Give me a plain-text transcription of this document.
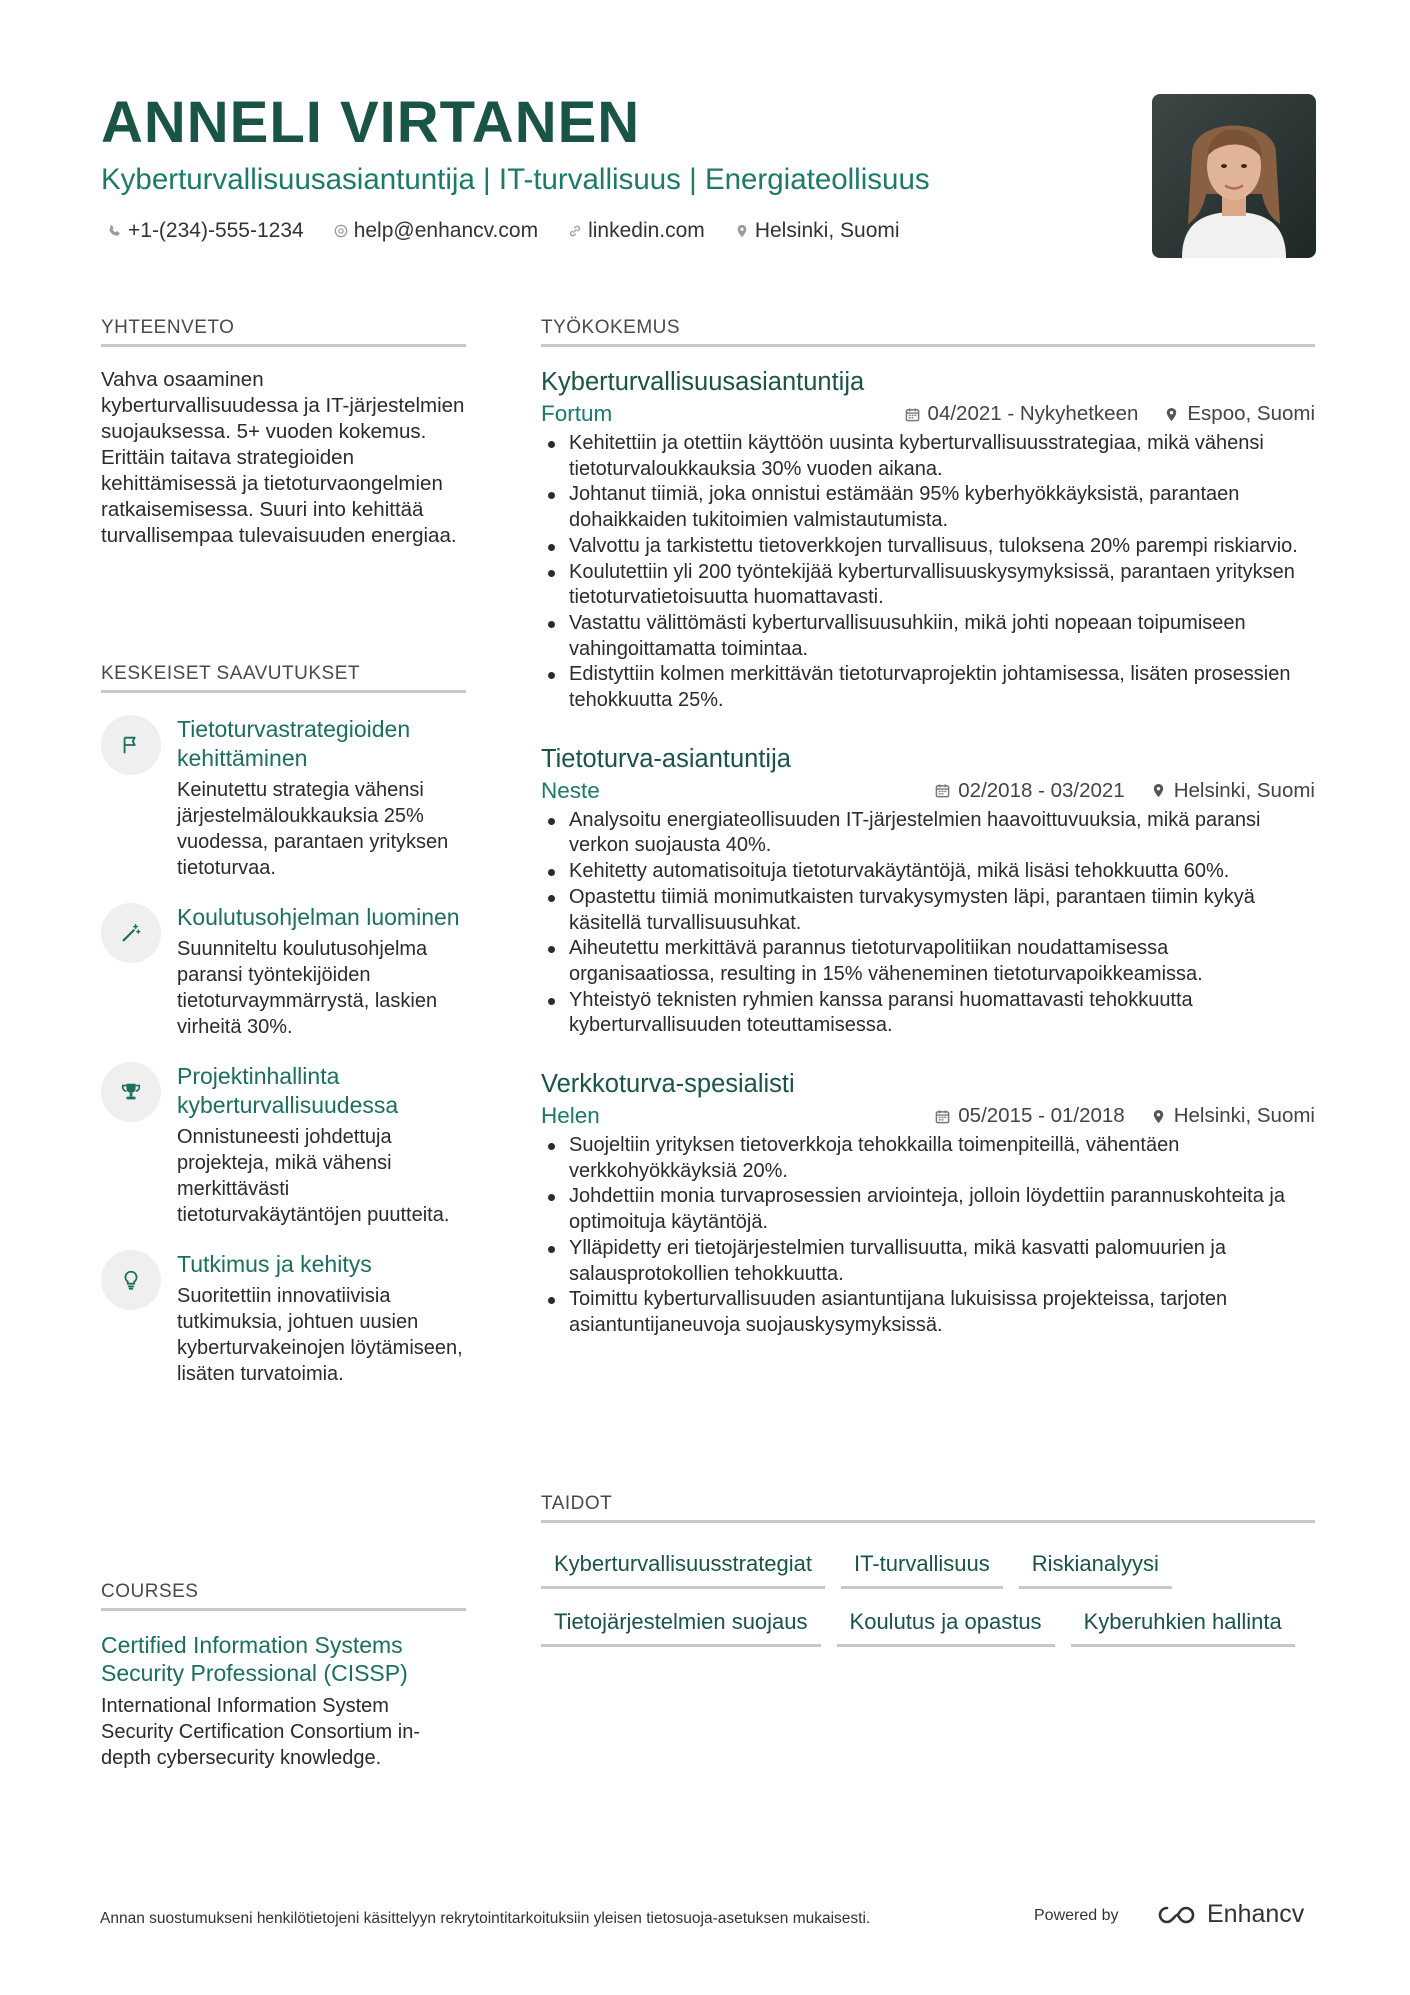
ANNELI VIRTANEN
Kyberturvallisuusasiantuntija | IT-turvallisuus | Energiateollisuus
+1-(234)-555-1234 help@enhancv.com linkedin.com Helsinki, Suomi
YHTEENVETO
Vahva osaaminen kyberturvallisuudessa ja IT-järjestelmien suojauksessa. 5+ vuoden kokemus. Erittäin taitava strategioiden kehittämisessä ja tietoturvaongelmien ratkaisemisessa. Suuri into kehittää turvallisempaa tulevaisuuden energiaa.
KESKEISET SAAVUTUKSET
Tietoturvastrategioiden kehittäminen
Keinutettu strategia vähensi järjestelmäloukkauksia 25% vuodessa, parantaen yrityksen tietoturvaa.
Koulutusohjelman luominen
Suunniteltu koulutusohjelma paransi työntekijöiden tietoturvaymmärrystä, laskien virheitä 30%.
Projektinhallinta kyberturvallisuudessa
Onnistuneesti johdettuja projekteja, mikä vähensi merkittävästi tietoturvakäytäntöjen puutteita.
Tutkimus ja kehitys
Suoritettiin innovatiivisia tutkimuksia, johtuen uusien kyberturvakeinojen löytämiseen, lisäten turvatoimia.
COURSES
Certified Information Systems Security Professional (CISSP)
International Information System Security Certification Consortium in-depth cybersecurity knowledge.
TYÖKOKEMUS
Kyberturvallisuusasiantuntija
Fortum	04/2021 - Nykyhetkeen Espoo, Suomi
Kehitettiin ja otettiin käyttöön uusinta kyberturvallisuusstrategiaa, mikä vähensi tietoturvaloukkauksia 30% vuoden aikana.
Johtanut tiimiä, joka onnistui estämään 95% kyberhyökkäyksistä, parantaen dohaikkaiden tukitoimien valmistautumista.
Valvottu ja tarkistettu tietoverkkojen turvallisuus, tuloksena 20% parempi riskiarvio.
Koulutettiin yli 200 työntekijää kyberturvallisuuskysymyksissä, parantaen yrityksen tietoturvatietoisuutta huomattavasti.
Vastattu välittömästi kyberturvallisuusuhkiin, mikä johti nopeaan toipumiseen vahingoittamatta toimintaa.
Edistyttiin kolmen merkittävän tietoturvaprojektin johtamisessa, lisäten prosessien tehokkuutta 25%.
Tietoturva-asiantuntija
Neste	02/2018 - 03/2021 Helsinki, Suomi
Analysoitu energiateollisuuden IT-järjestelmien haavoittuvuuksia, mikä paransi verkon suojausta 40%.
Kehitetty automatisoituja tietoturvakäytäntöjä, mikä lisäsi tehokkuutta 60%.
Opastettu tiimiä monimutkaisten turvakysymysten läpi, parantaen tiimin kykyä käsitellä turvallisuusuhkat.
Aiheutettu merkittävä parannus tietoturvapolitiikan noudattamisessa organisaatiossa, resulting in 15% väheneminen tietoturvapoikkeamissa.
Yhteistyö teknisten ryhmien kanssa paransi huomattavasti tehokkuutta kyberturvallisuuden toteuttamisessa.
Verkkoturva-spesialisti
Helen	05/2015 - 01/2018 Helsinki, Suomi
Suojeltiin yrityksen tietoverkkoja tehokkailla toimenpiteillä, vähentäen verkkohyökkäyksiä 20%.
Johdettiin monia turvaprosessien arviointeja, jolloin löydettiin parannuskohteita ja optimoituja käytäntöjä.
Ylläpidetty eri tietojärjestelmien turvallisuutta, mikä kasvatti palomuurien ja salausprotokollien tehokkuutta.
Toimittu kyberturvallisuuden asiantuntijana lukuisissa projekteissa, tarjoten asiantuntijaneuvoja suojauskysymyksissä.
TAIDOT
Kyberturvallisuusstrategiat	IT-turvallisuus	Riskianalyysi
Tietojärjestelmien suojaus	Koulutus ja opastus	Kyberuhkien hallinta
Annan suostumukseni henkilötietojeni käsittelyyn rekrytointitarkoituksiin yleisen tietosuoja-asetuksen mukaisesti.	Powered by	Enhancv
